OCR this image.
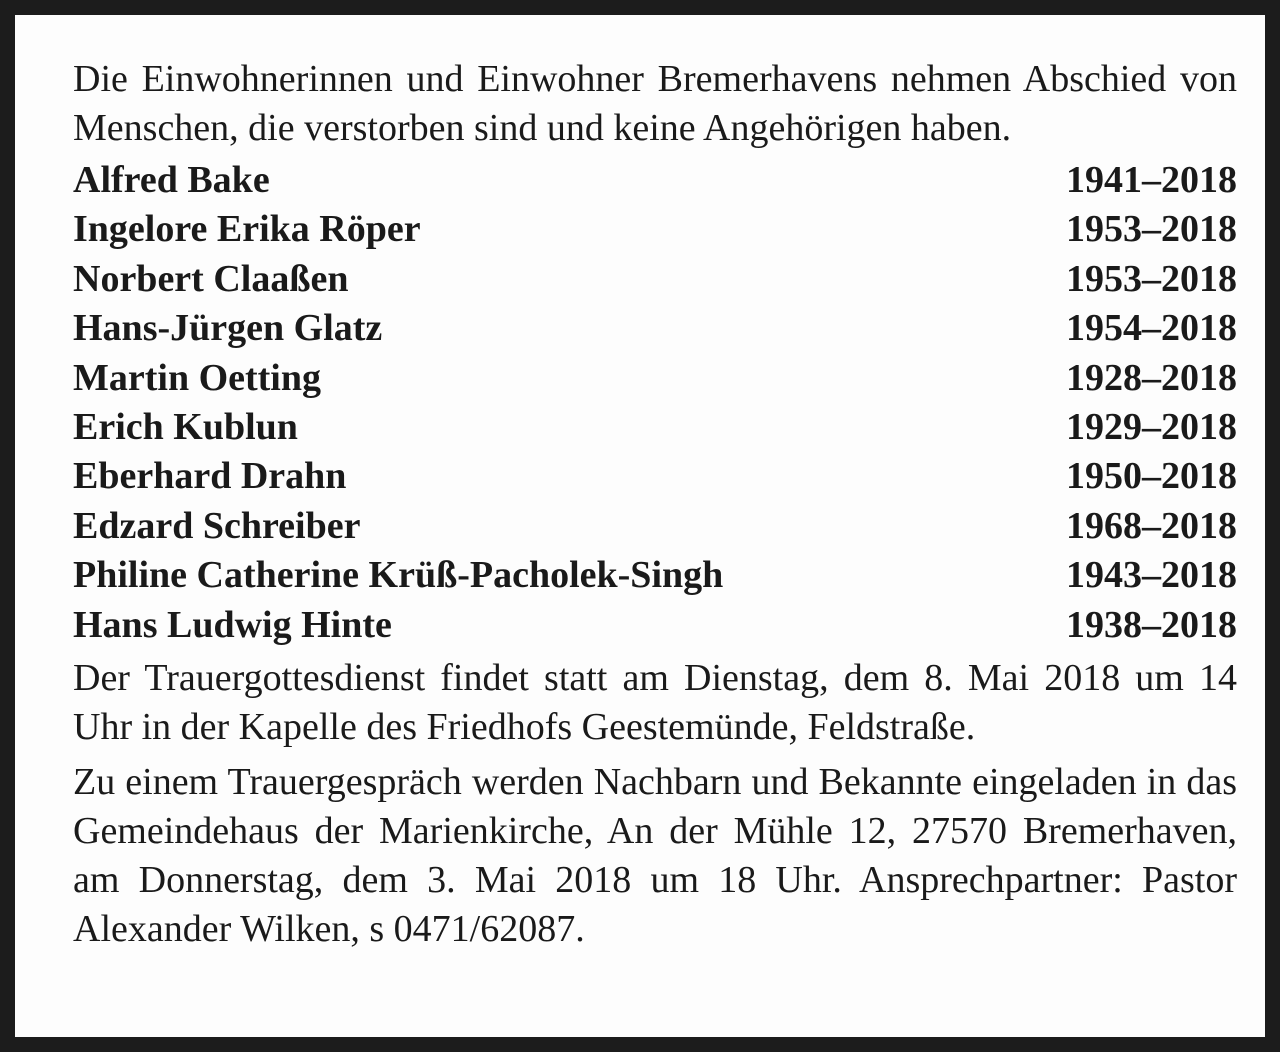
Die Einwohnerinnen und Einwohner Bremerhavens nehmen Abschied von Menschen, die verstorben sind und keine Angehörigen haben.

Alfred Bake	1941–2018
Ingelore Erika Röper	1953–2018
Norbert Claaßen	1953–2018
Hans-Jürgen Glatz	1954–2018
Martin Oetting	1928–2018
Erich Kublun	1929–2018
Eberhard Drahn	1950–2018
Edzard Schreiber	1968–2018
Philine Catherine Krüß-Pacholek-Singh	1943–2018
Hans Ludwig Hinte	1938–2018

Der Trauergottesdienst findet statt am Dienstag, dem 8. Mai 2018 um 14 Uhr in der Kapelle des Friedhofs Geestemünde, Feldstraße.

Zu einem Trauergespräch werden Nachbarn und Bekannte eingeladen in das Gemeindehaus der Marienkirche, An der Mühle 12, 27570 Bremerhaven, am Donnerstag, dem 3. Mai 2018 um 18 Uhr. Ansprechpartner: Pastor Alexander Wilken, s 0471/62087.
